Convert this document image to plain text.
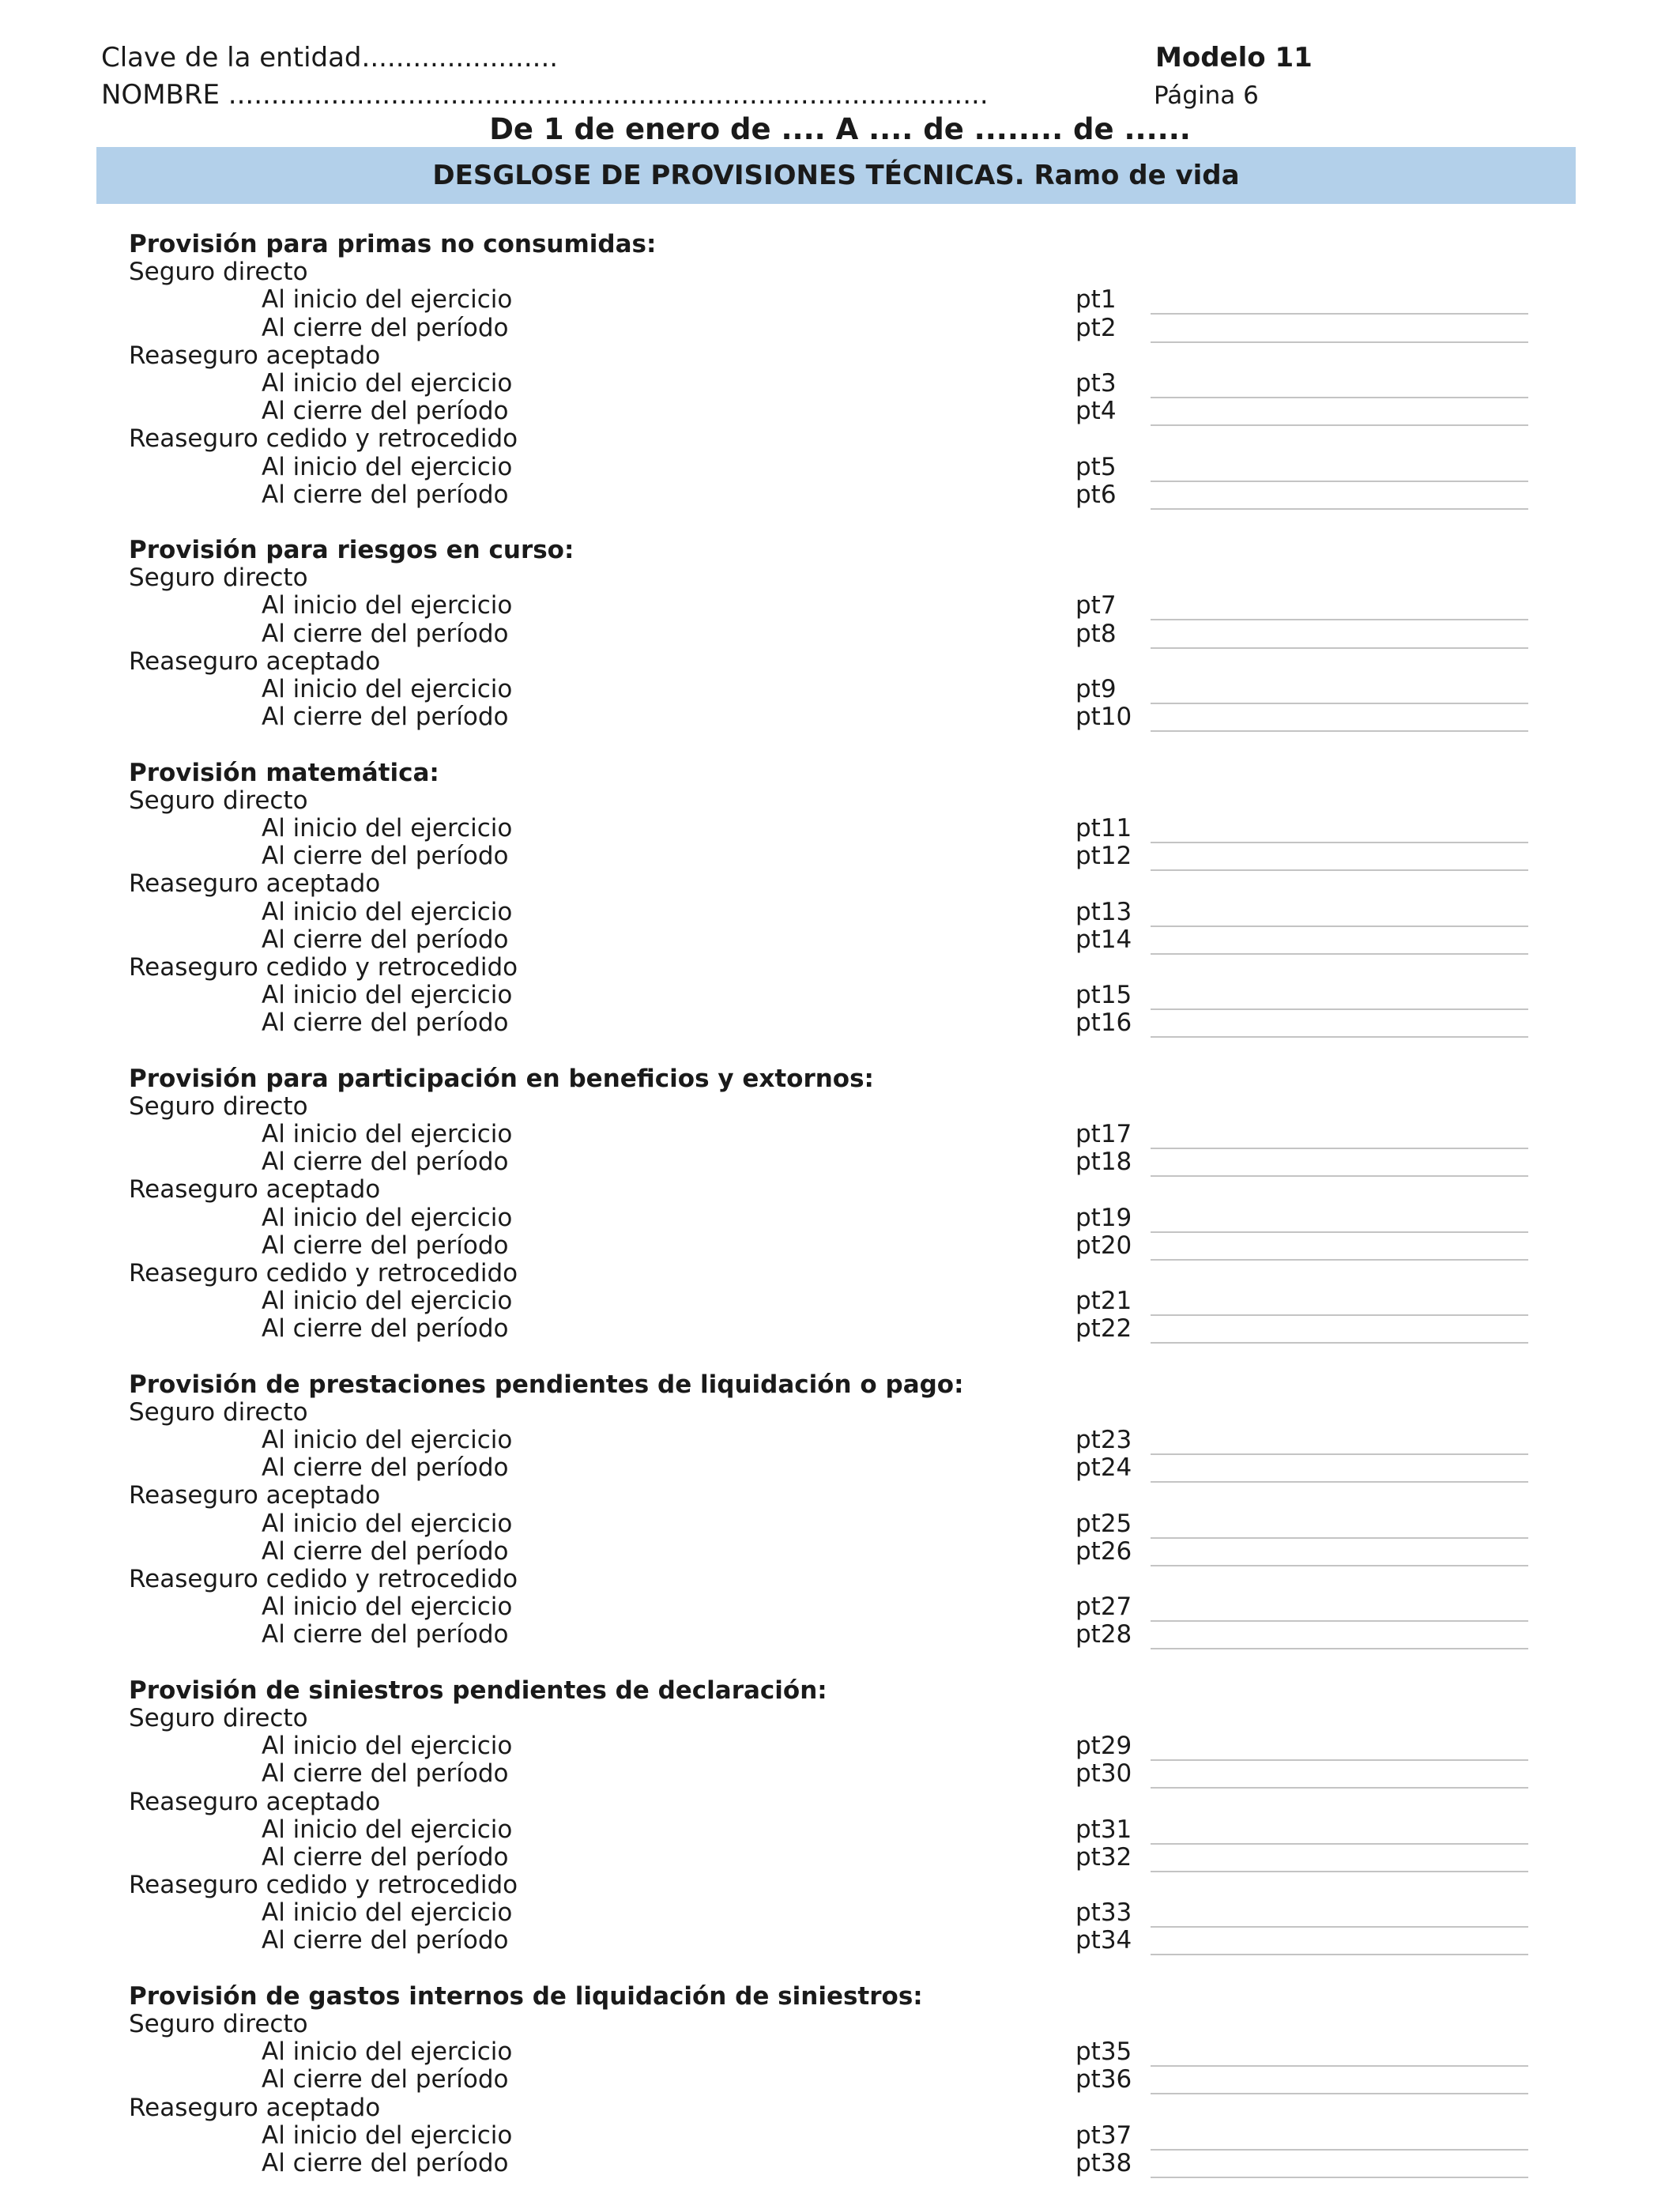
Clave de la entidad.......................	Modelo 11
NOMBRE .........................................................................................	Página 6
De 1 de enero de .... A .... de ........ de ......
DESGLOSE DE PROVISIONES TÉCNICAS. Ramo de vida
Provisión para primas no consumidas:
Seguro directo
Al inicio del ejercicio	pt1
Al cierre del período	pt2
Reaseguro aceptado
Al inicio del ejercicio	pt3
Al cierre del período	pt4
Reaseguro cedido y retrocedido
Al inicio del ejercicio	pt5
Al cierre del período	pt6
Provisión para riesgos en curso:
Seguro directo
Al inicio del ejercicio	pt7
Al cierre del período	pt8
Reaseguro aceptado
Al inicio del ejercicio	pt9
Al cierre del período	pt10
Provisión matemática:
Seguro directo
Al inicio del ejercicio	pt11
Al cierre del período	pt12
Reaseguro aceptado
Al inicio del ejercicio	pt13
Al cierre del período	pt14
Reaseguro cedido y retrocedido
Al inicio del ejercicio	pt15
Al cierre del período	pt16
Provisión para participación en beneficios y extornos:
Seguro directo
Al inicio del ejercicio	pt17
Al cierre del período	pt18
Reaseguro aceptado
Al inicio del ejercicio	pt19
Al cierre del período	pt20
Reaseguro cedido y retrocedido
Al inicio del ejercicio	pt21
Al cierre del período	pt22
Provisión de prestaciones pendientes de liquidación o pago:
Seguro directo
Al inicio del ejercicio	pt23
Al cierre del período	pt24
Reaseguro aceptado
Al inicio del ejercicio	pt25
Al cierre del período	pt26
Reaseguro cedido y retrocedido
Al inicio del ejercicio	pt27
Al cierre del período	pt28
Provisión de siniestros pendientes de declaración:
Seguro directo
Al inicio del ejercicio	pt29
Al cierre del período	pt30
Reaseguro aceptado
Al inicio del ejercicio	pt31
Al cierre del período	pt32
Reaseguro cedido y retrocedido
Al inicio del ejercicio	pt33
Al cierre del período	pt34
Provisión de gastos internos de liquidación de siniestros:
Seguro directo
Al inicio del ejercicio	pt35
Al cierre del período	pt36
Reaseguro aceptado
Al inicio del ejercicio	pt37
Al cierre del período	pt38
